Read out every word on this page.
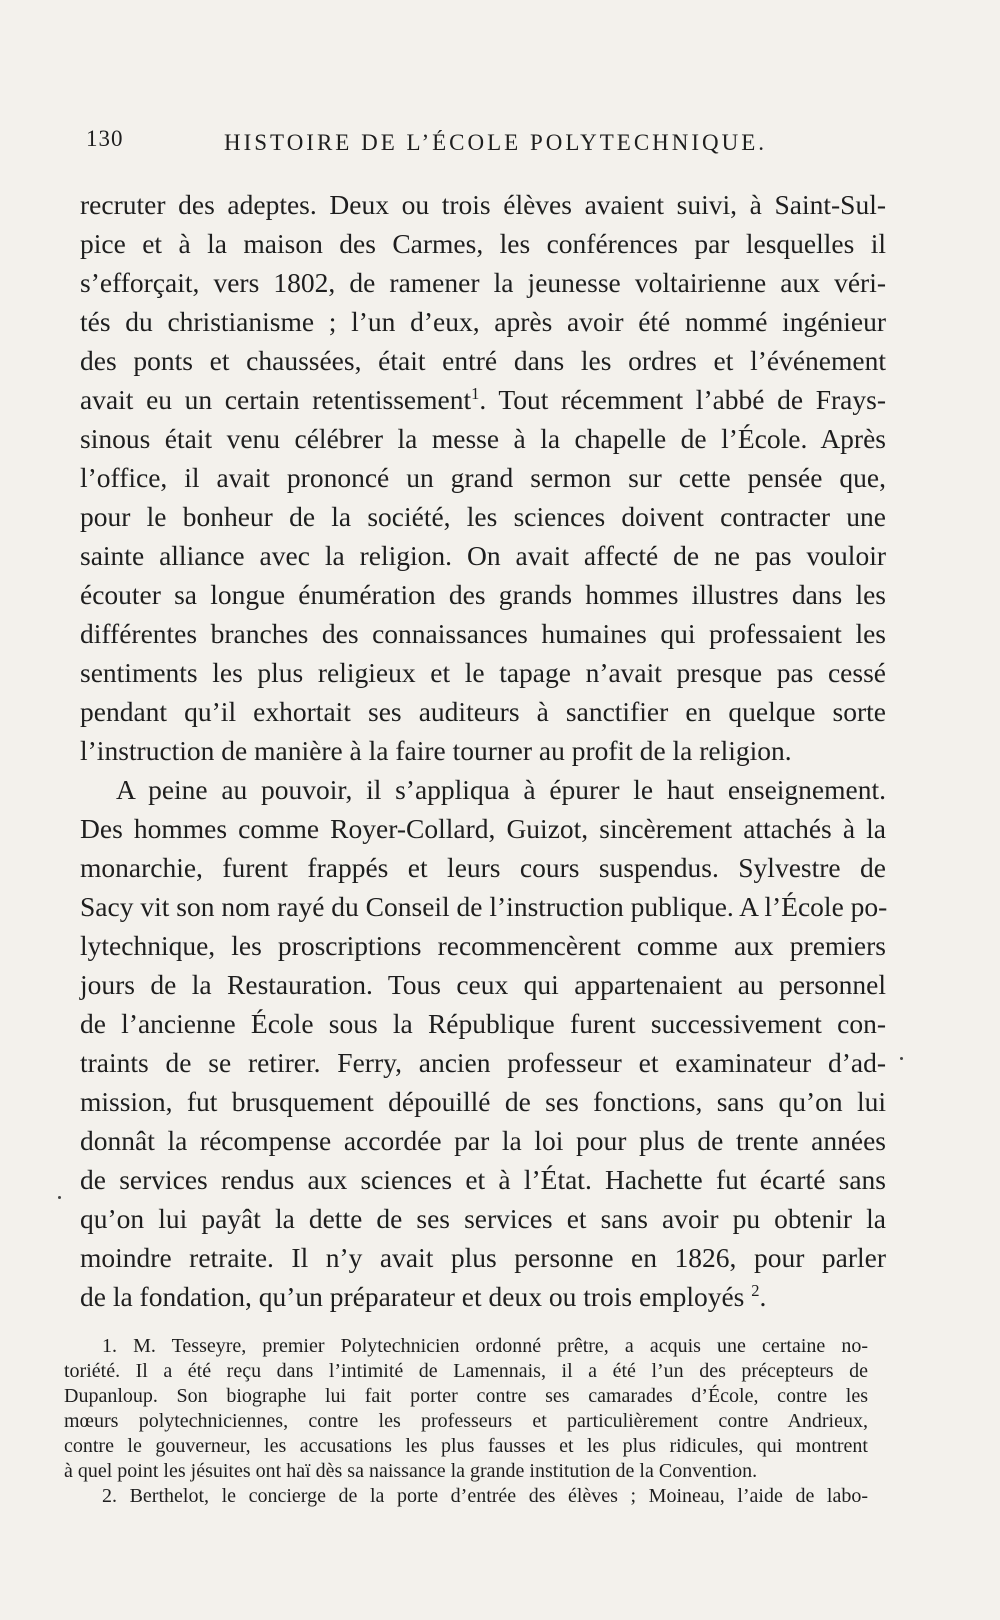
130	HISTOIRE DE L’ÉCOLE POLYTECHNIQUE.
recruter des adeptes. Deux ou trois élèves avaient suivi, à Saint-Sul-
pice et à la maison des Carmes, les conférences par lesquelles il
s’efforçait, vers 1802, de ramener la jeunesse voltairienne aux véri-
tés du christianisme ; l’un d’eux, après avoir été nommé ingénieur
des ponts et chaussées, était entré dans les ordres et l’événement
avait eu un certain retentissement$^1$. Tout récemment l’abbé de Frays-
sinous était venu célébrer la messe à la chapelle de l’École. Après
l’office, il avait prononcé un grand sermon sur cette pensée que,
pour le bonheur de la société, les sciences doivent contracter une
sainte alliance avec la religion. On avait affecté de ne pas vouloir
écouter sa longue énumération des grands hommes illustres dans les
différentes branches des connaissances humaines qui professaient les
sentiments les plus religieux et le tapage n’avait presque pas cessé
pendant qu’il exhortait ses auditeurs à sanctifier en quelque sorte
l’instruction de manière à la faire tourner au profit de la religion.
A peine au pouvoir, il s’appliqua à épurer le haut enseignement.
Des hommes comme Royer-Collard, Guizot, sincèrement attachés à la
monarchie, furent frappés et leurs cours suspendus. Sylvestre de
Sacy vit son nom rayé du Conseil de l’instruction publique. A l’École po-
lytechnique, les proscriptions recommencèrent comme aux premiers
jours de la Restauration. Tous ceux qui appartenaient au personnel
de l’ancienne École sous la République furent successivement con-
traints de se retirer. Ferry, ancien professeur et examinateur d’ad-
mission, fut brusquement dépouillé de ses fonctions, sans qu’on lui
donnât la récompense accordée par la loi pour plus de trente années
de services rendus aux sciences et à l’État. Hachette fut écarté sans
qu’on lui payât la dette de ses services et sans avoir pu obtenir la
moindre retraite. Il n’y avait plus personne en 1826, pour parler
de la fondation, qu’un préparateur et deux ou trois employés $^2$.
1. M. Tesseyre, premier Polytechnicien ordonné prêtre, a acquis une certaine no-
toriété. Il a été reçu dans l’intimité de Lamennais, il a été l’un des précepteurs de
Dupanloup. Son biographe lui fait porter contre ses camarades d’École, contre les
mœurs polytechniciennes, contre les professeurs et particulièrement contre Andrieux,
contre le gouverneur, les accusations les plus fausses et les plus ridicules, qui montrent
à quel point les jésuites ont haï dès sa naissance la grande institution de la Convention.
2. Berthelot, le concierge de la porte d’entrée des élèves ; Moineau, l’aide de labo-
